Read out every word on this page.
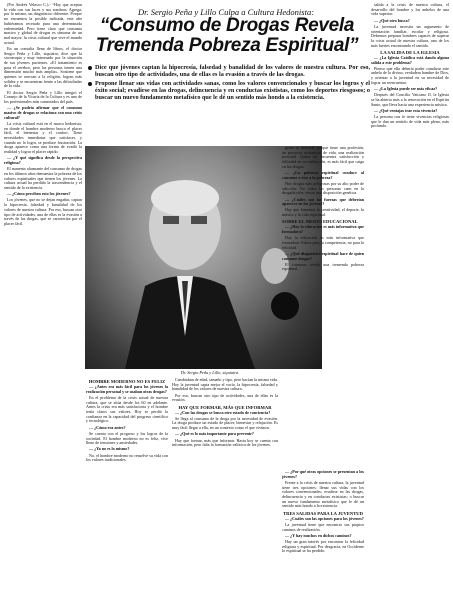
Dr. Sergio Peña y Lillo Culpa a Cultura Hedonista:
“Consumo de Drogas Revela Tremenda Pobreza Espiritual”
Dice que jóvenes captan la hipocresía, falsedad y banalidad de los valores de nuestra cultura. Por eso, buscan otro tipo de actividades, una de ellas es la evasión a través de las drogas.
Propone llenar sus vidas con actividades sanas, como los valores convencionales y buscar los logros y el éxito social; evadirse en las drogas, delincuencia y en conductas exististas, como los deportes riesgosos; o buscar un nuevo fundamento metafísico que le dé un sentido más hondo a la existencia.

(Por Andrés Velasco C.).- “Hay que aceptar la vida con sus luces y sus sombras. Agrega, por lo mismo, un diagnóstico diferente. Porque no encuentra la posible indicada, este año hubiéramos recetado para una determinada enfermedad. Pero tiene claro que consumo masivo y global de drogas es síntoma de un mal mayor, la crisis cultural que vive el mundo actual.

En un consulta llena de libros, el doctor Sergio Peña y Lillo, siquiatra, dice que la sicoterapia y muy interesado por la situación de sus jóvenes pacientes. «El tratamiento es para el cerebro, pero las personas tienen una dimensión mucho más amplia». Sostiene que quienes se acercan a la religión, logran más solidez y se encuentran frente a las dificultades de la vida.

El doctor Sergio Peña y Lillo integró el Consejo de la Vicaría de la Cultura y es uno de los profesionales más connotados del país.

— ¿Se podría afirmar que el consumo masivo de drogas se relaciona con una crisis cultural?

La crisis cultural está en el marco hedonista, en donde el hombre moderno busca el placer fácil, el bienestar y el confort. Tiene necesidades inmediatas que satisfacer, y cuando no lo logra, se produce frustración. La droga aparece como una forma de evadir la realidad y lograr el placer rápido.

— ¿Y qué significa desde la perspectiva religiosa?

El aumento alarmante del consumo de drogas en los últimos años demuestra la pobreza de los valores espirituales que tienen los jóvenes. La cultura actual ha perdido la trascendencia y el sentido de la existencia.

— ¿Cómo perciben esto los jóvenes?

Los jóvenes, que no se dejan engañar, captan la hipocresía, falsedad y banalidad de los valores de nuestra cultura. Por eso, buscan otro tipo de actividades, una de ellas es la evasión a través de las drogas, que se caracteriza por el placer fácil.

Dr. Sergio Peña y Lillo, siquiatra.

gente se defiende porque tiene una profesión, un proyecto existencial de vida, una realización personal. Quien no encuentra satisfacción y felicidad en su realización, es más fácil que caiga en las drogas.

— ¿La pobreza espiritual conduce al consumo o éste a la pobreza?

Hoy drogas más peligrosas por su alto poder de adicción. No todas las personas caen en la drogadicción, existe una disposición genética.

— ¿Cuáles son las fuerzas que deberían aparecer en los jóvenes?

Hay que fomentar la creatividad, el deporte, la música y la vida espiritual.

SOBRE EL MEDIO EDUCACIONAL

— ¿Hay la educación es más informativa que formadora?

Hay la educación es más informativa que formadora. Educa para la competencia, no para la felicidad.

— ¿Qué diagnóstico espiritual hace de quien consume drogas?

El consumo revela una tremenda pobreza espiritual.

HOMBRE MODERNO NO ES FELIZ

— ¿Antes era más fácil para los jóvenes la realización personal y se usaban otras drogas?

En el problema de la crisis actual de nuestra cultura, que se sitúa desde los 60 en adelante. Antes la crisis era más satisfactoria y el hombre tenía claros sus valores. Hoy se perdió la confianza en la capacidad del progreso científico y tecnológico.

— ¿Cómo era antes?

Se cuenta con el progreso y los logros de la sociedad. El hombre moderno no es feliz, vive lleno de tensiones y ansiedades.

— ¿Ya no es lo mismo?

No, el hombre moderno no resuelve su vida con los valores tradicionales.

Cambiaban de edad, tamaño y tipo, pero hacían la misma vida. Hoy la juventud capta mejor el vacío, la hipocresía, falsedad y banalidad de los valores de nuestra cultura.

Por eso, buscan otro tipo de actividades, una de ellas es la evasión.

HAY QUE FORMAR, MÁS QUE INFORMAR

— ¿Con las drogas se busca otro estado de conciencia?

Se llega al consumo de la droga por la necesidad de evasión. La droga produce un estado de placer, bienestar y relajación. Es muy fácil llegar a ella, en un contexto como el que vivimos.

— ¿Qué es lo más importante para prevenir?

Hay que formar, más que informar. Hasta hoy se cuenta con información, pero falta la formación valórica de los jóvenes.

salida a la crisis de nuestra cultura, el desarrollo del hombre y los anhelos de una vida superior.

— ¿Qué otro busca?

La juventud necesita un argumento de orientación familiar, escolar y religiosa. Debemos preparar hombres capaces de superar la crisis actual de nuestra cultura, uno de los más fuertes encontrando el sentido.

LA SALIDA DE LA IGLESIA

— ¿La Iglesia Católica está dando alguna salida a este problema?

Pienso que ella debería poder canalizar este anhelo de lo divino, verdadera hambre de Dios, y orientar a la juventud en su necesidad de lograr un reencuentro.

— ¿La Iglesia puede ser más eficaz?

Después del Concilio Vaticano II, la Iglesia se ha abierto más a la renovación en el Espíritu Santo, que lleva hacia una experiencia mística.

— ¿Qué ventajas trae esta vivencia?

La persona con fe tiene vivencias religiosas que le dan un sentido de vida más pleno, más profundo.

— ¿Por qué otras opciones se presentan a los jóvenes?

Frente a la crisis de nuestra cultura, la juventud tiene tres opciones: llenar sus vidas con los valores convencionales; evadirse en las drogas, delincuencia y en conductas exististas; o buscar un nuevo fundamento metafísico que le dé un sentido más hondo a la existencia.

TRES SALIDAS PARA LA JUVENTUD

— ¿Cuáles son las opciones para los jóvenes?

La juventud tiene que encontrar sus propios caminos de realización.

— ¿Y hay muchos en dichos caminos?

Hay un gran interés por encontrar la felicidad religiosa y espiritual. Por desgracia, en Occidente lo espiritual se ha perdido.
